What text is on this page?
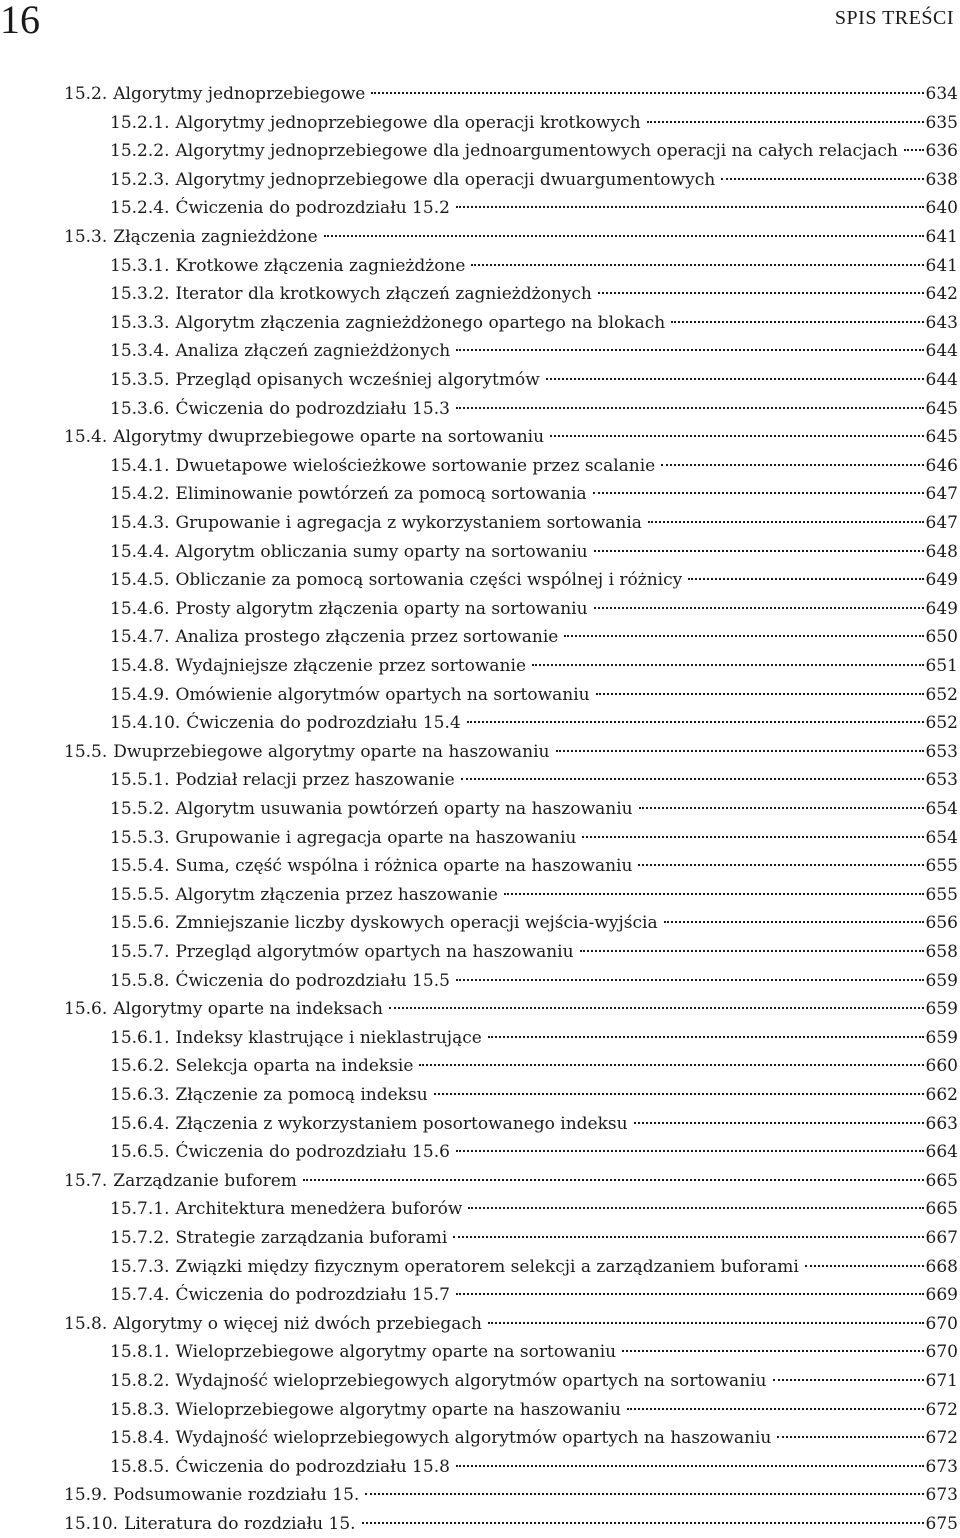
16	SPIS TREŚCI
15.2. Algorytmy jednoprzebiegowe	634
15.2.1. Algorytmy jednoprzebiegowe dla operacji krotkowych	635
15.2.2. Algorytmy jednoprzebiegowe dla jednoargumentowych operacji na całych relacjach 636
15.2.3. Algorytmy jednoprzebiegowe dla operacji dwuargumentowych	638
15.2.4. Ćwiczenia do podrozdziału 15.2	640
15.3. Złączenia zagnieżdżone	641
15.3.1. Krotkowe złączenia zagnieżdżone	641
15.3.2. Iterator dla krotkowych złączeń zagnieżdżonych	642
15.3.3. Algorytm złączenia zagnieżdżonego opartego na blokach	643
15.3.4. Analiza złączeń zagnieżdżonych	644
15.3.5. Przegląd opisanych wcześniej algorytmów	644
15.3.6. Ćwiczenia do podrozdziału 15.3	645
15.4. Algorytmy dwuprzebiegowe oparte na sortowaniu	645
15.4.1. Dwuetapowe wielościeżkowe sortowanie przez scalanie	646
15.4.2. Eliminowanie powtórzeń za pomocą sortowania	647
15.4.3. Grupowanie i agregacja z wykorzystaniem sortowania	647
15.4.4. Algorytm obliczania sumy oparty na sortowaniu	648
15.4.5. Obliczanie za pomocą sortowania części wspólnej i różnicy	649
15.4.6. Prosty algorytm złączenia oparty na sortowaniu	649
15.4.7. Analiza prostego złączenia przez sortowanie	650
15.4.8. Wydajniejsze złączenie przez sortowanie	651
15.4.9. Omówienie algorytmów opartych na sortowaniu	652
15.4.10. Ćwiczenia do podrozdziału 15.4	652
15.5. Dwuprzebiegowe algorytmy oparte na haszowaniu	653
15.5.1. Podział relacji przez haszowanie	653
15.5.2. Algorytm usuwania powtórzeń oparty na haszowaniu	654
15.5.3. Grupowanie i agregacja oparte na haszowaniu	654
15.5.4. Suma, część wspólna i różnica oparte na haszowaniu	655
15.5.5. Algorytm złączenia przez haszowanie	655
15.5.6. Zmniejszanie liczby dyskowych operacji wejścia-wyjścia	656
15.5.7. Przegląd algorytmów opartych na haszowaniu	658
15.5.8. Ćwiczenia do podrozdziału 15.5	659
15.6. Algorytmy oparte na indeksach	659
15.6.1. Indeksy klastrujące i nieklastrujące	659
15.6.2. Selekcja oparta na indeksie	660
15.6.3. Złączenie za pomocą indeksu	662
15.6.4. Złączenia z wykorzystaniem posortowanego indeksu	663
15.6.5. Ćwiczenia do podrozdziału 15.6	664
15.7. Zarządzanie buforem	665
15.7.1. Architektura menedżera buforów	665
15.7.2. Strategie zarządzania buforami	667
15.7.3. Związki między fizycznym operatorem selekcji a zarządzaniem buforami	668
15.7.4. Ćwiczenia do podrozdziału 15.7	669
15.8. Algorytmy o więcej niż dwóch przebiegach	670
15.8.1. Wieloprzebiegowe algorytmy oparte na sortowaniu	670
15.8.2. Wydajność wieloprzebiegowych algorytmów opartych na sortowaniu	671
15.8.3. Wieloprzebiegowe algorytmy oparte na haszowaniu	672
15.8.4. Wydajność wieloprzebiegowych algorytmów opartych na haszowaniu	672
15.8.5. Ćwiczenia do podrozdziału 15.8	673
15.9. Podsumowanie rozdziału 15.	673
15.10. Literatura do rozdziału 15.	675
